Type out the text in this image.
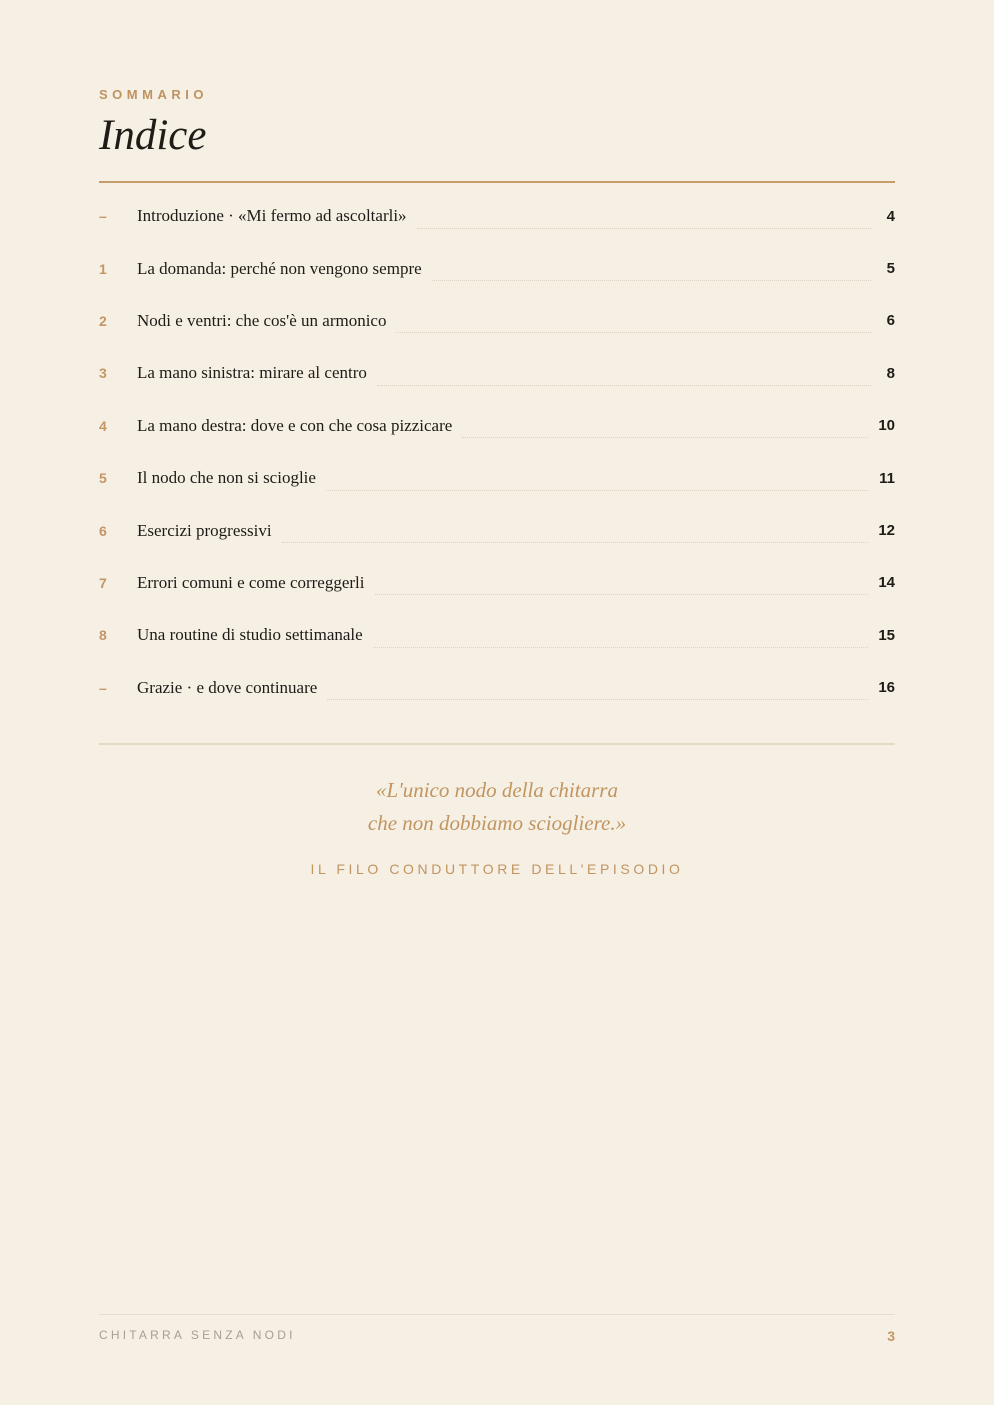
SOMMARIO
Indice
–	Introduzione · «Mi fermo ad ascoltarli»	4
1	La domanda: perché non vengono sempre	5
2	Nodi e ventri: che cos'è un armonico	6
3	La mano sinistra: mirare al centro	8
4	La mano destra: dove e con che cosa pizzicare	10
5	Il nodo che non si scioglie	11
6	Esercizi progressivi	12
7	Errori comuni e come correggerli	14
8	Una routine di studio settimanale	15
–	Grazie · e dove continuare	16
«L'unico nodo della chitarra
che non dobbiamo sciogliere.»
IL FILO CONDUTTORE DELL'EPISODIO
CHITARRA SENZA NODI	3
